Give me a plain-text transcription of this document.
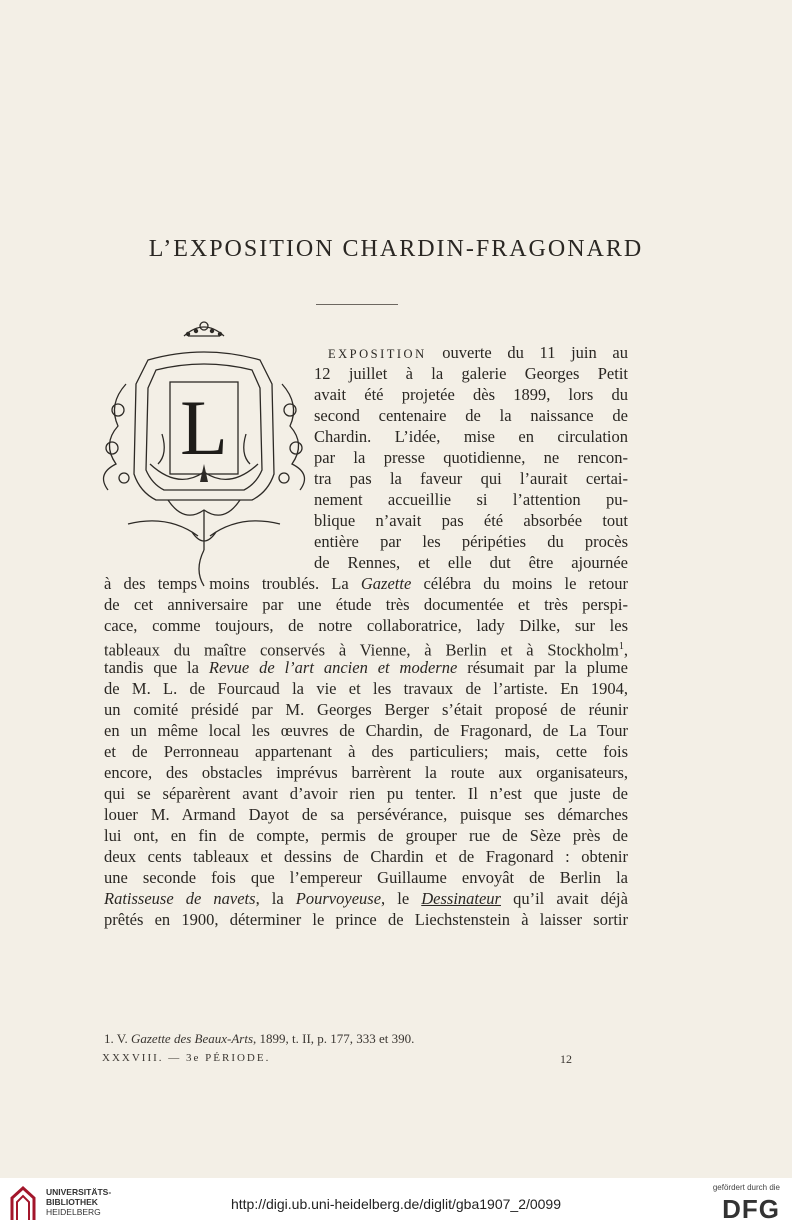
L’EXPOSITION CHARDIN-FRAGONARD
L
EXPOSITION ouverte du 11 juin au
12 juillet à la galerie Georges Petit
avait été projetée dès 1899, lors du
second centenaire de la naissance de
Chardin. L’idée, mise en circulation
par la presse quotidienne, ne rencon-
tra pas la faveur qui l’aurait certai-
nement accueillie si l’attention pu-
blique n’avait pas été absorbée tout
entière par les péripéties du procès
de Rennes, et elle dut être ajournée
à des temps moins troublés. La Gazette célébra du moins le retour
de cet anniversaire par une étude très documentée et très perspi-
cace, comme toujours, de notre collaboratrice, lady Dilke, sur les
tableaux du maître conservés à Vienne, à Berlin et à Stockholm$^1$,
tandis que la Revue de l’art ancien et moderne résumait par la plume
de M. L. de Fourcaud la vie et les travaux de l’artiste. En 1904,
un comité présidé par M. Georges Berger s’était proposé de réunir
en un même local les œuvres de Chardin, de Fragonard, de La Tour
et de Perronneau appartenant à des particuliers; mais, cette fois
encore, des obstacles imprévus barrèrent la route aux organisateurs,
qui se séparèrent avant d’avoir rien pu tenter. Il n’est que juste de
louer M. Armand Dayot de sa persévérance, puisque ses démarches
lui ont, en fin de compte, permis de grouper rue de Sèze près de
deux cents tableaux et dessins de Chardin et de Fragonard : obtenir
une seconde fois que l’empereur Guillaume envoyât de Berlin la
Ratisseuse de navets, la Pourvoyeuse, le Dessinateur qu’il avait déjà
prêtés en 1900, déterminer le prince de Liechstenstein à laisser sortir
1. V. Gazette des Beaux-Arts, 1899, t. II, p. 177, 333 et 390.
XXXVIII. — 3e PÉRIODE.	12
UNIVERSITÄTS-
BIBLIOTHEK
HEIDELBERG	http://digi.ub.uni-heidelberg.de/diglit/gba1907_2/0099
gefördert durch die
DFG
